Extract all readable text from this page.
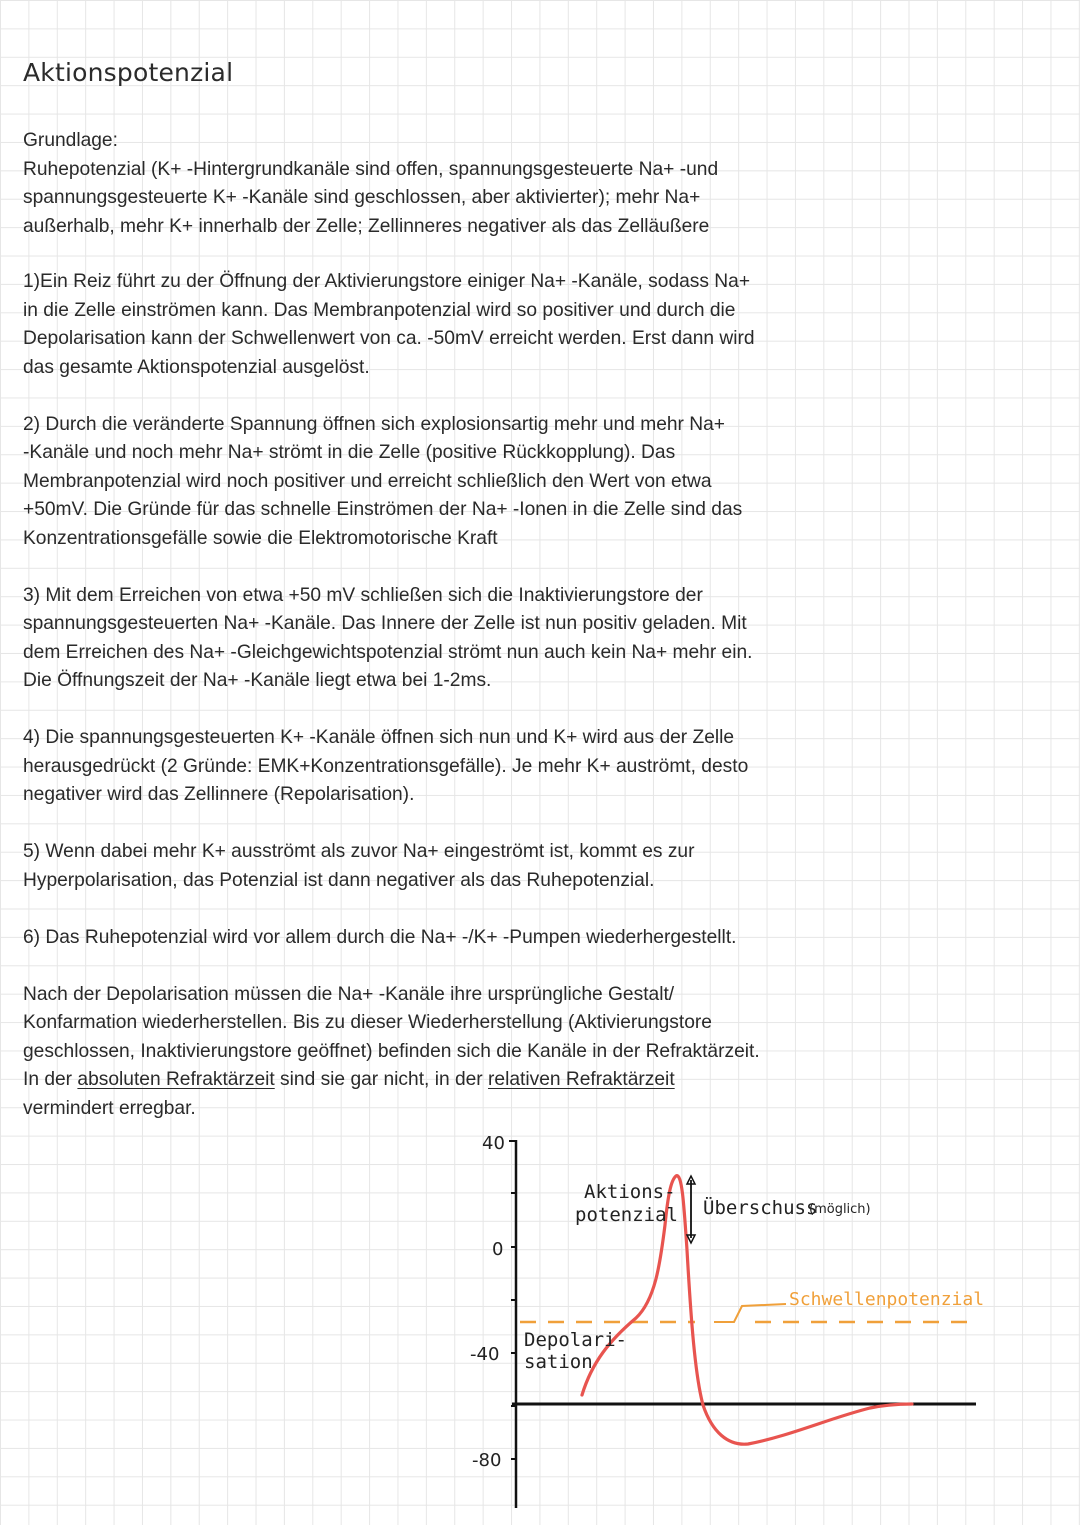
Aktionspotenzial

Grundlage:
Ruhepotenzial (K+ -Hintergrundkanäle sind offen, spannungsgesteuerte Na+ -und
spannungsgesteuerte K+ -Kanäle sind geschlossen, aber aktivierter); mehr Na+
außerhalb, mehr K+ innerhalb der Zelle; Zellinneres negativer als das Zelläußere

1)Ein Reiz führt zu der Öffnung der Aktivierungstore einiger Na+ -Kanäle, sodass Na+
in die Zelle einströmen kann. Das Membranpotenzial wird so positiver und durch die
Depolarisation kann der Schwellenwert von ca. -50mV erreicht werden. Erst dann wird
das gesamte Aktionspotenzial ausgelöst.

2) Durch die veränderte Spannung öffnen sich explosionsartig mehr und mehr Na+
-Kanäle und noch mehr Na+ strömt in die Zelle (positive Rückkopplung). Das
Membranpotenzial wird noch positiver und erreicht schließlich den Wert von etwa
+50mV. Die Gründe für das schnelle Einströmen der Na+ -Ionen in die Zelle sind das
Konzentrationsgefälle sowie die Elektromotorische Kraft

3) Mit dem Erreichen von etwa +50 mV schließen sich die Inaktivierungstore der
spannungsgesteuerten Na+ -Kanäle. Das Innere der Zelle ist nun positiv geladen. Mit
dem Erreichen des Na+ -Gleichgewichtspotenzial strömt nun auch kein Na+ mehr ein.
Die Öffnungszeit der Na+ -Kanäle liegt etwa bei 1-2ms.

4) Die spannungsgesteuerten K+ -Kanäle öffnen sich nun und K+ wird aus der Zelle
herausgedrückt (2 Gründe: EMK+Konzentrationsgefälle). Je mehr K+ auströmt, desto
negativer wird das Zellinnere (Repolarisation).

5) Wenn dabei mehr K+ ausströmt als zuvor Na+ eingeströmt ist, kommt es zur
Hyperpolarisation, das Potenzial ist dann negativer als das Ruhepotenzial.

6) Das Ruhepotenzial wird vor allem durch die Na+ -/K+ -Pumpen wiederhergestellt.

Nach der Depolarisation müssen die Na+ -Kanäle ihre ursprüngliche Gestalt/
Konfarmation wiederherstellen. Bis zu dieser Wiederherstellung (Aktivierungstore
geschlossen, Inaktivierungstore geöffnet) befinden sich die Kanäle in der Refraktärzeit.
In der absoluten Refraktärzeit sind sie gar nicht, in der relativen Refraktärzeit
vermindert erregbar.

40
0
-40
-80
Aktions-
potenzial Überschuss
(möglich)
Schwellenpotenzial
Depolari-
sation
